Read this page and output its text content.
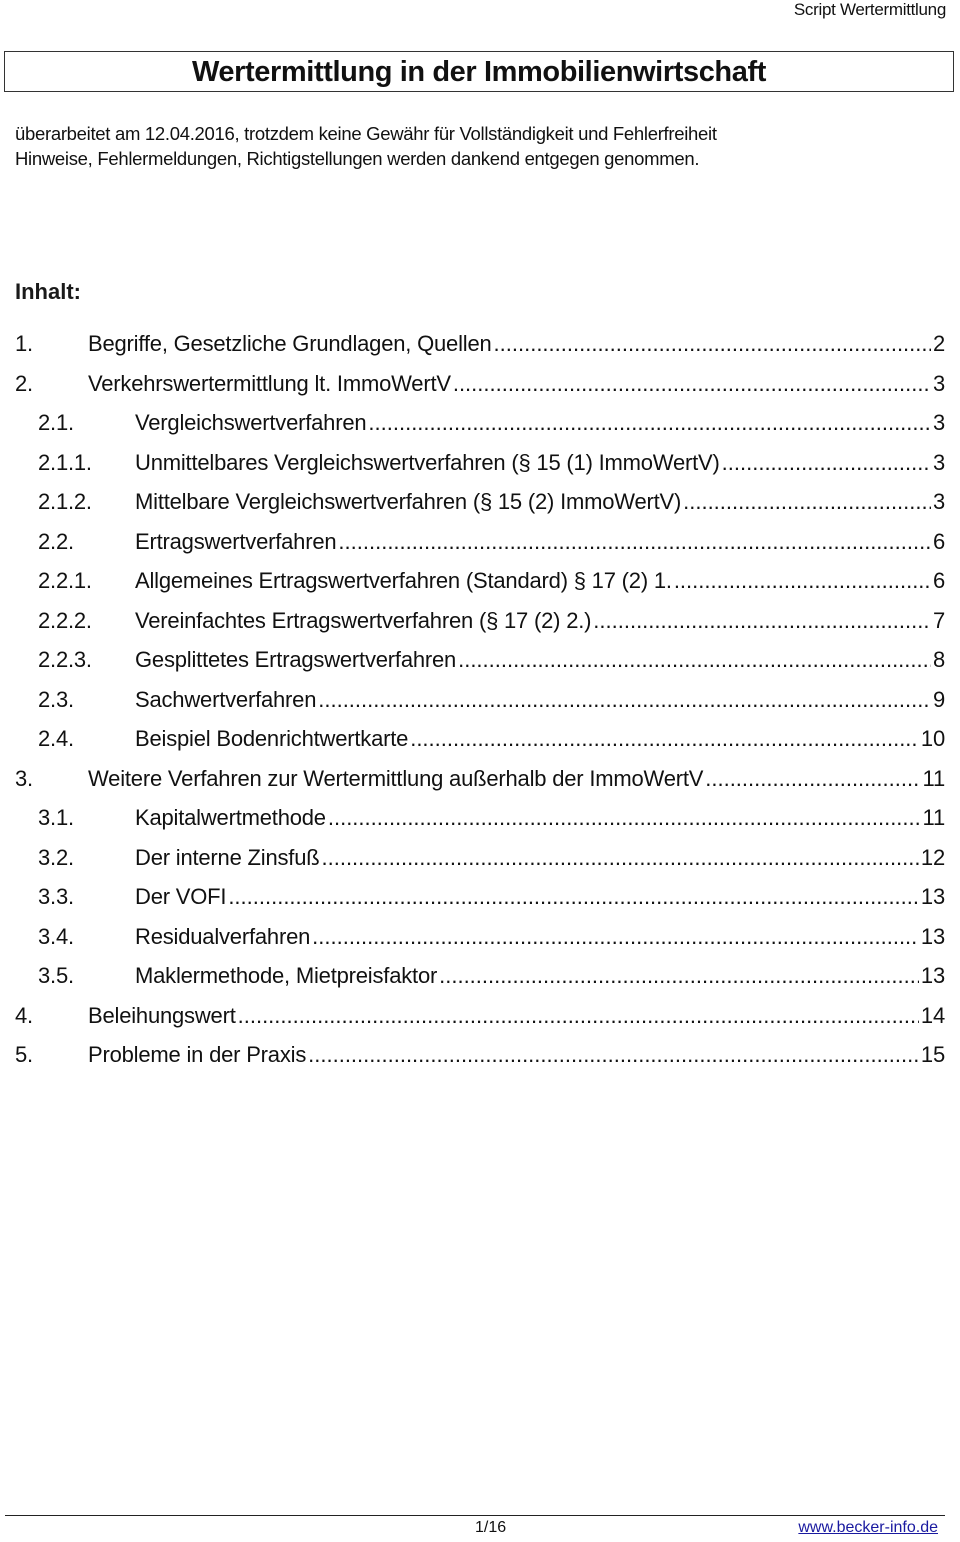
Script Wertermittlung
Wertermittlung in der Immobilienwirtschaft
überarbeitet am 12.04.2016, trotzdem keine Gewähr für Vollständigkeit und Fehlerfreiheit
Hinweise, Fehlermeldungen, Richtigstellungen werden dankend entgegen genommen.
Inhalt:
1.	Begriffe, Gesetzliche Grundlagen, Quellen .....	2
2.	Verkehrswertermittlung lt. ImmoWertV .....	3
2.1.	Vergleichswertverfahren .....	3
2.1.1.	Unmittelbares Vergleichswertverfahren (§ 15 (1) ImmoWertV) .....	3
2.1.2.	Mittelbare Vergleichswertverfahren (§ 15 (2) ImmoWertV) .....	3
2.2.	Ertragswertverfahren .....	6
2.2.1.	Allgemeines Ertragswertverfahren (Standard) § 17 (2) 1. .....	6
2.2.2.	Vereinfachtes Ertragswertverfahren (§ 17 (2) 2.) .....	7
2.2.3.	Gesplittetes Ertragswertverfahren .....	8
2.3.	Sachwertverfahren .....	9
2.4.	Beispiel Bodenrichtwertkarte .....	10
3.	Weitere Verfahren zur Wertermittlung außerhalb der ImmoWertV .....	11
3.1.	Kapitalwertmethode .....	11
3.2.	Der interne Zinsfuß .....	12
3.3.	Der VOFI .....	13
3.4.	Residualverfahren .....	13
3.5.	Maklermethode, Mietpreisfaktor .....	13
4.	Beleihungswert .....	14
5.	Probleme in der Praxis .....	15
1/16	www.becker-info.de
